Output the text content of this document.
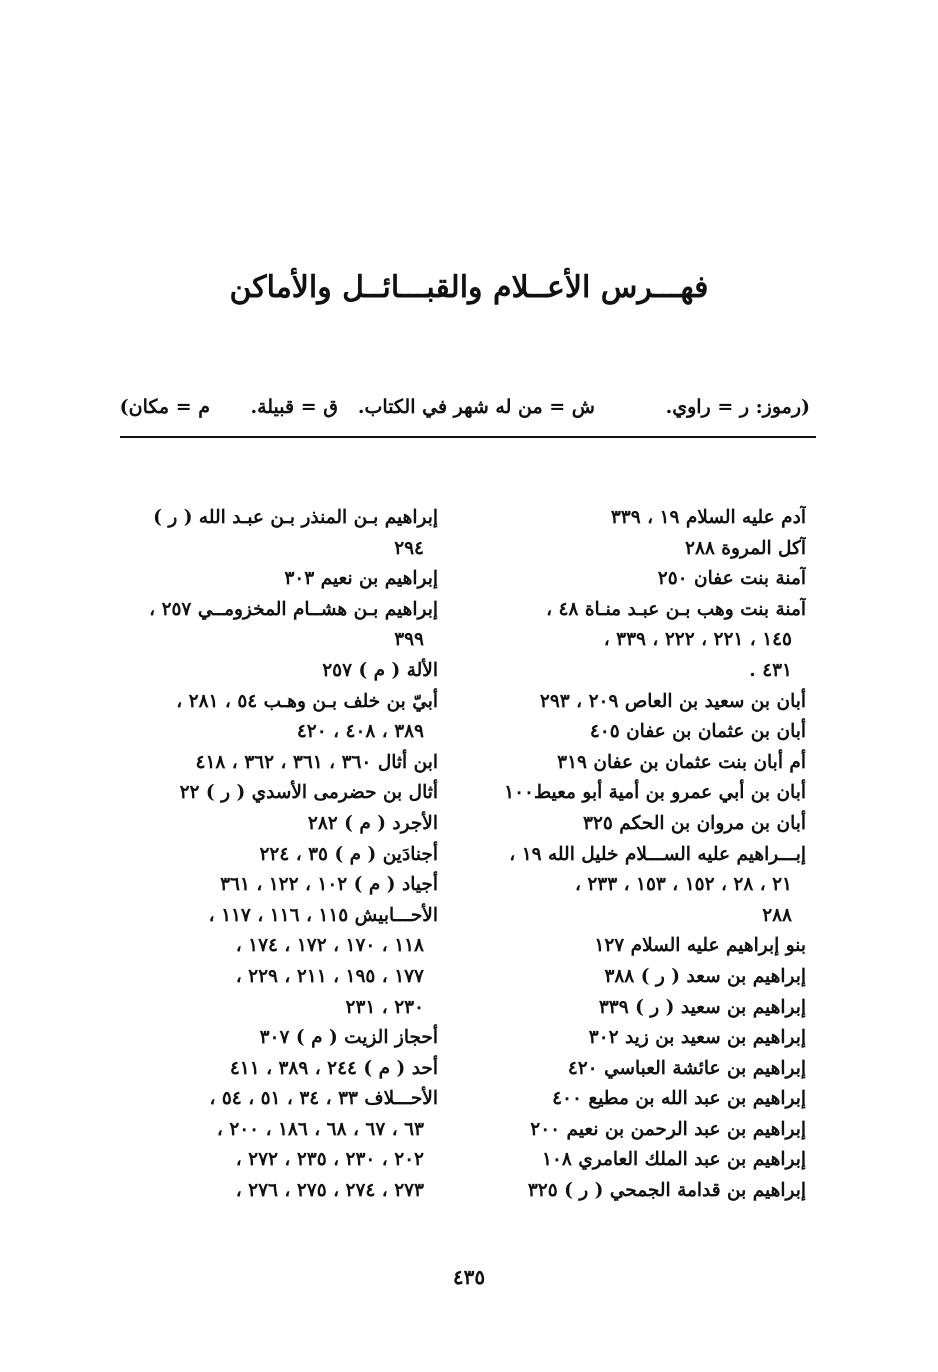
فهـــرس الأعــلام والقبـــائــل والأماكن
(رموز: ر = راوي.
ش = من له شهر في الكتاب.
ق = قبيلة.
م = مكان)
آدم عليه السلام ١٩ ، ٣٣٩
آكل المروة ٢٨٨
آمنة بنت عفان ٢٥٠
آمنة بنت وهب بـن عبـد منـاة ٤٨ ،
١٤٥ ، ٢٢١ ، ٢٢٢ ، ٣٣٩ ،
٤٣١ .
أبان بن سعيد بن العاص ٢٠٩ ، ٢٩٣
أبان بن عثمان بن عفان ٤٠٥
أم أبان بنت عثمان بن عفان ٣١٩
أبان بن أبي عمرو بن أمية أبو معيط١٠٠
أبان بن مروان بن الحكم ٣٢٥
إبـــراهيم عليه الســـلام خليل الله ١٩ ،
٢١ ، ٢٨ ، ١٥٢ ، ١٥٣ ، ٢٣٣ ،
٢٨٨
بنو إبراهيم عليه السلام ١٢٧
إبراهيم بن سعد ( ر ) ٣٨٨
إبراهيم بن سعيد ( ر ) ٣٣٩
إبراهيم بن سعيد بن زيد ٣٠٢
إبراهيم بن عائشة العباسي ٤٢٠
إبراهيم بن عبد الله بن مطيع ٤٠٠
إبراهيم بن عبد الرحمن بن نعيم ٢٠٠
إبراهيم بن عبد الملك العامري ١٠٨
إبراهيم بن قدامة الجمحي ( ر ) ٣٢٥
إبراهيم بـن المنذر بـن عبـد الله ( ر )
٢٩٤
إبراهيم بن نعيم ٣٠٣
إبراهيم بـن هشــام المخزومــي ٢٥٧ ،
٣٩٩
الألة ( م ) ٢٥٧
أبيّ بن خلف بـن وهـب ٥٤ ، ٢٨١ ،
٣٨٩ ، ٤٠٨ ، ٤٢٠
ابن أثال ٣٦٠ ، ٣٦١ ، ٣٦٢ ، ٤١٨
أثال بن حضرمى الأسدي ( ر ) ٢٢
الأجرد ( م ) ٢٨٢
أجنادَين ( م ) ٣٥ ، ٢٢٤
أجياد ( م ) ١٠٢ ، ١٢٢ ، ٣٦١
الأحـــابيش ١١٥ ، ١١٦ ، ١١٧ ،
١١٨ ، ١٧٠ ، ١٧٢ ، ١٧٤ ،
١٧٧ ، ١٩٥ ، ٢١١ ، ٢٢٩ ،
٢٣٠ ، ٢٣١
أحجاز الزيت ( م ) ٣٠٧
أحد ( م ) ٢٤٤ ، ٣٨٩ ، ٤١١
الأحـــلاف ٣٣ ، ٣٤ ، ٥١ ، ٥٤ ،
٦٣ ، ٦٧ ، ٦٨ ، ١٨٦ ، ٢٠٠ ،
٢٠٢ ، ٢٣٠ ، ٢٣٥ ، ٢٧٢ ،
٢٧٣ ، ٢٧٤ ، ٢٧٥ ، ٢٧٦ ،
٤٣٥
